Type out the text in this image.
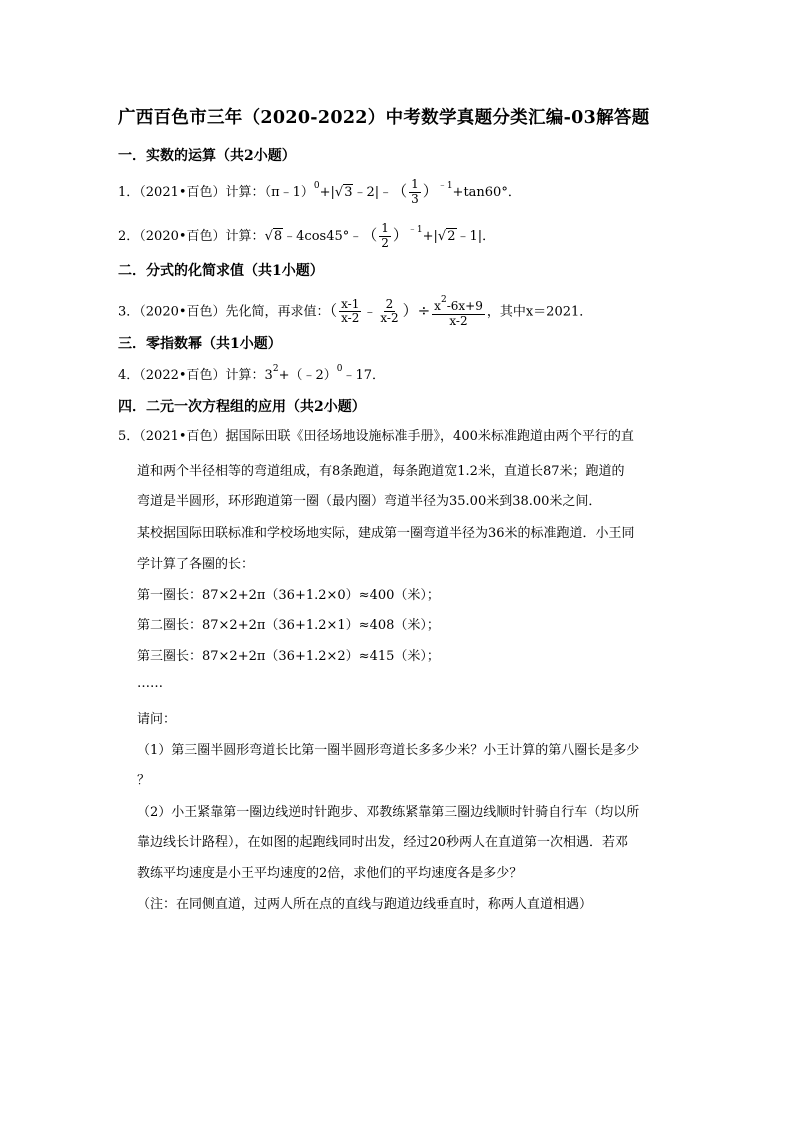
广西百色市三年（2020-2022）中考数学真题分类汇编-03解答题
一．实数的运算（共2小题）
1．（2021•百色）计算：（π﹣1）$^0$+|√3﹣2|﹣（ $\frac{1}{3} )^{﹣1}+\tan 60^\circ$．
2．（2020•百色）计算：√8﹣4cos45°﹣（ $\frac{1}{2}$ ）$^{﹣1}$+|√2﹣1|．
二．分式的化简求值（共1小题）
3．（2020•百色）先化简，再求值：（ $\frac{x-1}{x-2}$ ﹣ $\frac{2}{x-2}$ ）÷ $\frac{x^2-6x+9}{x-2}$ ，其中x＝2021．
三．零指数幂（共1小题）
4．（2022•百色）计算：$3^2+(﹣2)^0﹣17$．
四．二元一次方程组的应用（共2小题）
5．（2021•百色）据国际田联《田径场地设施标准手册》，400米标准跑道由两个平行的直
道和两个半径相等的弯道组成，有8条跑道，每条跑道宽1.2米，直道长87米；跑道的
弯道是半圆形，环形跑道第一圈（最内圈）弯道半径为35.00米到38.00米之间．
某校据国际田联标准和学校场地实际，建成第一圈弯道半径为36米的标准跑道．小王同
学计算了各圈的长：
第一圈长：87×2+2π（36+1.2×0）≈400（米）；
第二圈长：87×2+2π（36+1.2×1）≈408（米）；
第三圈长：87×2+2π（36+1.2×2）≈415（米）；
……
请问：
（1）第三圈半圆形弯道长比第一圈半圆形弯道长多多少米？小王计算的第八圈长是多少
？
（2）小王紧靠第一圈边线逆时针跑步、邓教练紧靠第三圈边线顺时针骑自行车（均以所
靠边线长计路程），在如图的起跑线同时出发，经过20秒两人在直道第一次相遇．若邓
教练平均速度是小王平均速度的2倍，求他们的平均速度各是多少？
（注：在同侧直道，过两人所在点的直线与跑道边线垂直时，称两人直道相遇）
